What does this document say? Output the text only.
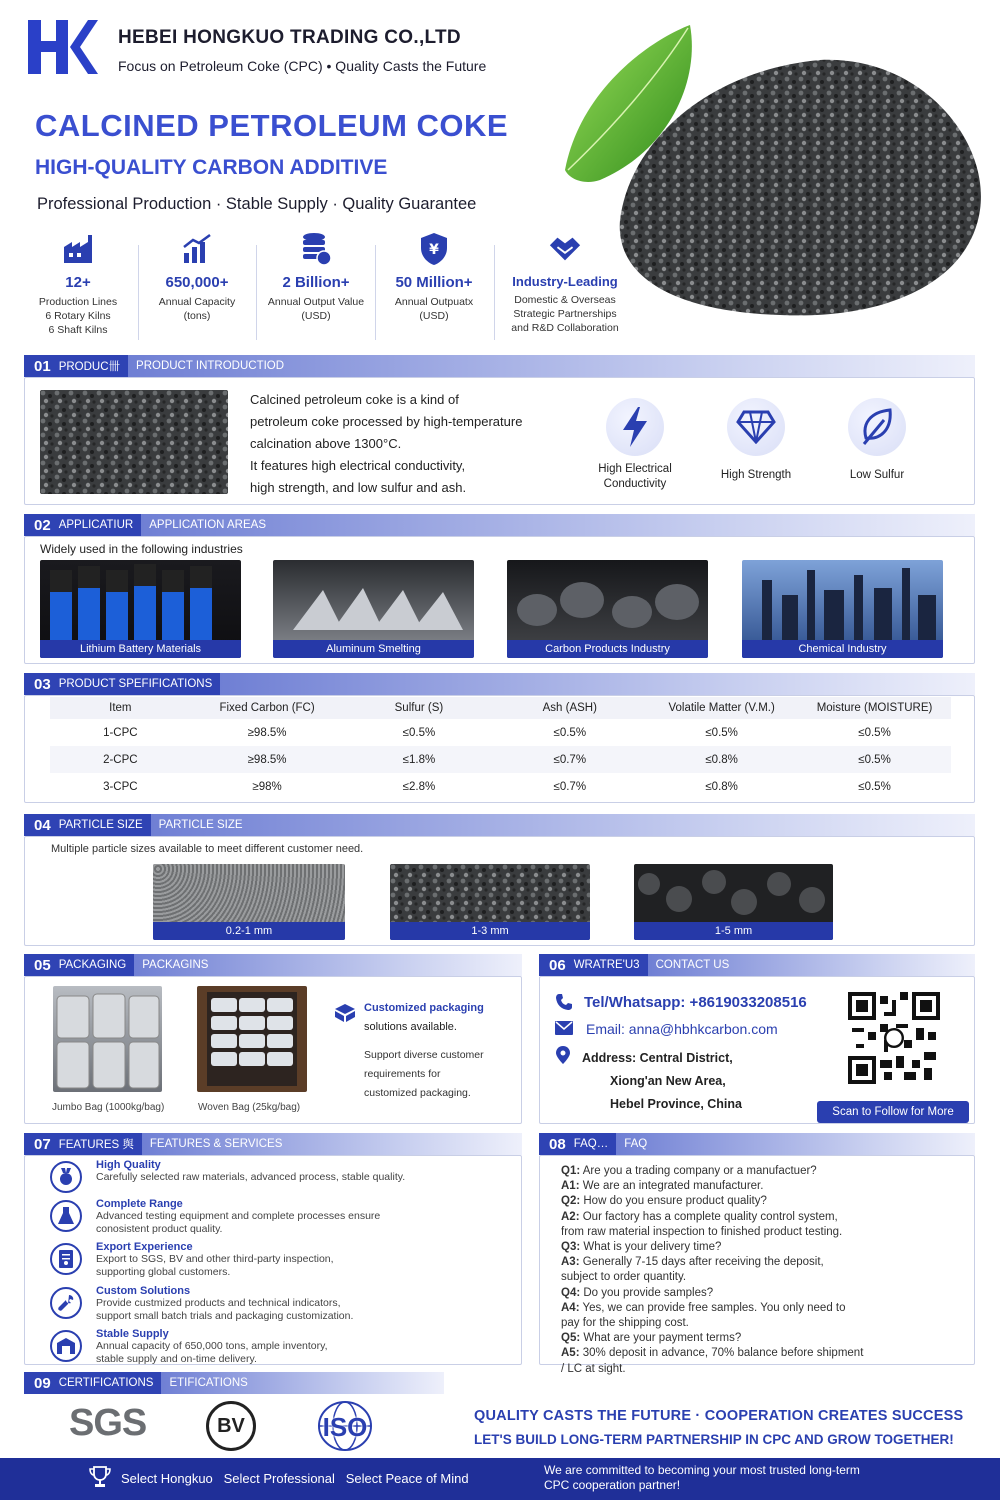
HEBEI HONGKUO TRADING CO.,LTD
Focus on Petroleum Coke (CPC) • Quality Casts the Future
CALCINED PETROLEUM COKE
HIGH-QUALITY CARBON ADDITIVE
Professional Production · Stable Supply · Quality Guarantee
12+
Production Lines
6 Rotary Kilns
6 Shaft Kilns
650,000+
Annual Capacity
(tons)
2 Billion+
Annual Output Value
(USD)
¥
50 Million+
Annual Outpuatx
(USD)
Industry-Leading
Domestic & Overseas
Strategic Partnerships
and R&D Collaboration
01 PRODUC卌	PRODUCT INTRODUCTIOD
Calcined petroleum coke is a kind of
petroleum coke processed by high-temperature
calcination above 1300°C.
It features high electrical conductivity,
high strength, and low sulfur and ash.
High Electrical Conductivity
High Strength	Low Sulfur
02 APPLICATIUR	APPLICATION AREAS
Widely used in the following industries
Lithium Battery Materials	Aluminum Smelting	Carbon Products Industry	Chemical Industry
03 PRODUCT SPEFIFICATIONS
Item	Fixed Carbon (FC)	Sulfur (S)	Ash (ASH)	Volatile Matter (V.M.)	Moisture (MOISTURE)
1-CPC	≥98.5%	≤0.5%	≤0.5%	≤0.5%	≤0.5%
2-CPC	≥98.5%	≤1.8%	≤0.7%	≤0.8%	≤0.5%
3-CPC	≥98%	≤2.8%	≤0.7%	≤0.8%	≤0.5%
04 PARTICLE SIZE	PARTICLE SIZE
Multiple particle sizes available to meet different customer need.
0.2-1 mm	1-3 mm	1-5 mm
05 PACKAGING	PACKAGINS
Jumbo Bag (1000kg/bag)	Woven Bag (25kg/bag)
Customized packaging
solutions available.
Support diverse customer
requirements for
customized packaging.
06 WRATRE'U3	CONTACT US
Tel/Whatsapp: +8619033208516
Email: anna@hbhkcarbon.com
Address: Central District,
Xiong'an New Area,
Hebel Province, China
Scan to Follow for More
07 FEATURES 舆	FEATURES & SERVICES
High Quality
Carefully selected raw materials, advanced process, stable quality.
Complete Range
Advanced testing equipment and complete processes ensure
conosistent product quality.
Export Experience
Export to SGS, BV and other third-party inspection,
supporting global customers.
Custom Solutions
Provide custmized products and technical indicators,
support small batch trials and packaging customization.
Stable Supply
Annual capacity of 650,000 tons, ample inventory,
stable supply and on-time delivery.
08 FAQ…	FAQ
Q1: Are you a trading company or a manufactuer?
A1: We are an integrated manufacturer.
Q2: How do you ensure product quality?
A2: Our factory has a complete quality control system,
from raw material inspection to finished product testing.
Q3: What is your delivery time?
A3: Generally 7-15 days after receiving the deposit,
subject to order quantity.
Q4: Do you provide samples?
A4: Yes, we can provide free samples. You only need to
pay for the shipping cost.
Q5: What are your payment terms?
A5: 30% deposit in advance, 70% balance before shipment
/ LC at sight.
09 CERTIFICATIONS	ETIFICATIONS
SGS	BV	ISO	QUALITY CASTS THE FUTURE · COOPERATION CREATES SUCCESS
LET'S BUILD LONG-TERM PARTNERSHIP IN CPC AND GROW TOGETHER!
Select Hongkuo   Select Professional   Select Peace of Mind
We are committed to becoming your most trusted long-term
CPC cooperation partner!
